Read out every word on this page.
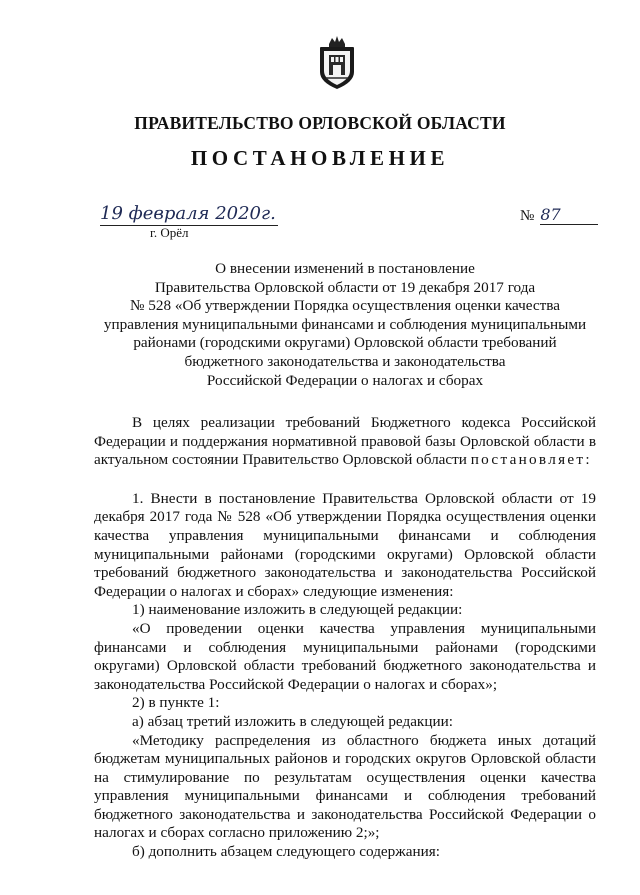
ПРАВИТЕЛЬСТВО ОРЛОВСКОЙ ОБЛАСТИ
ПОСТАНОВЛЕНИЕ
19 февраля 2020г.
г. Орёл
№ 87
О внесении изменений в постановление
Правительства Орловской области от 19 декабря 2017 года
№ 528 «Об утверждении Порядка осуществления оценки качества
управления муниципальными финансами и соблюдения муниципальными
районами (городскими округами) Орловской области требований
бюджетного законодательства и законодательства
Российской Федерации о налогах и сборах

В целях реализации требований Бюджетного кодекса Российской Федерации и поддержания нормативной правовой базы Орловской области в актуальном состоянии Правительство Орловской области постановляет:

1. Внести в постановление Правительства Орловской области от 19 декабря 2017 года № 528 «Об утверждении Порядка осуществления оценки качества управления муниципальными финансами и соблюдения муниципальными районами (городскими округами) Орловской области требований бюджетного законодательства и законодательства Российской Федерации о налогах и сборах» следующие изменения:

1) наименование изложить в следующей редакции:

«О проведении оценки качества управления муниципальными финансами и соблюдения муниципальными районами (городскими округами) Орловской области требований бюджетного законодательства и законодательства Российской Федерации о налогах и сборах»;

2) в пункте 1:

а) абзац третий изложить в следующей редакции:

«Методику распределения из областного бюджета иных дотаций бюджетам муниципальных районов и городских округов Орловской области на стимулирование по результатам осуществления оценки качества управления муниципальными финансами и соблюдения требований бюджетного законодательства и законодательства Российской Федерации о налогах и сборах согласно приложению 2;»;

б) дополнить абзацем следующего содержания:
